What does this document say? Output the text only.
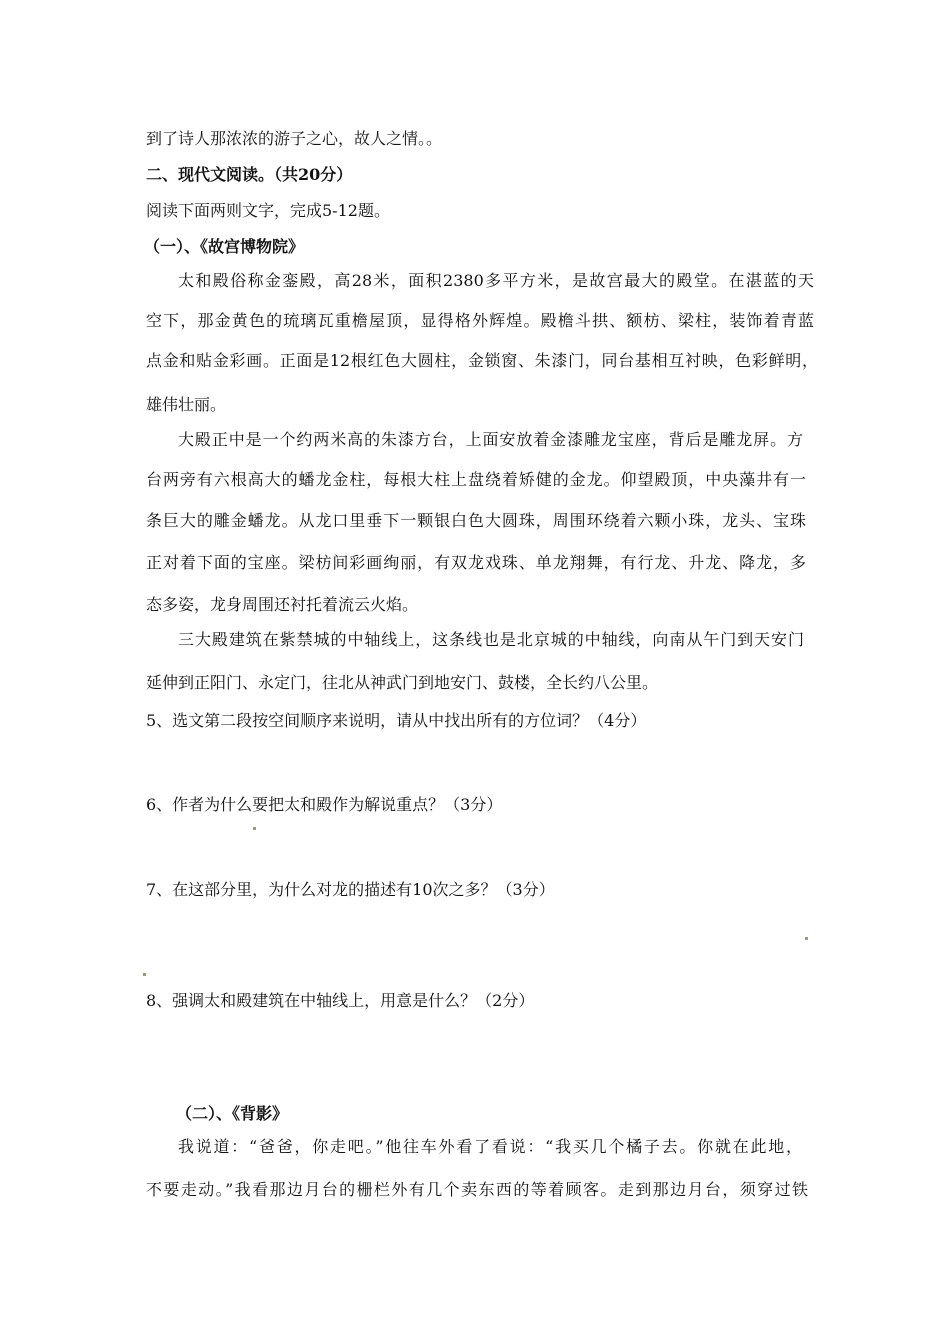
到了诗人那浓浓的游子之心，故人之情。。
二、现代文阅读。（共20分）
阅读下面两则文字，完成5-12题。
（一）、《故宫博物院》
太和殿俗称金銮殿，高28米，面积2380多平方米，是故宫最大的殿堂。在湛蓝的天
空下，那金黄色的琉璃瓦重檐屋顶，显得格外辉煌。殿檐斗拱、额枋、梁柱，装饰着青蓝
点金和贴金彩画。正面是12根红色大圆柱，金锁窗、朱漆门，同台基相互衬映，色彩鲜明，
雄伟壮丽。
大殿正中是一个约两米高的朱漆方台，上面安放着金漆雕龙宝座，背后是雕龙屏。方
台两旁有六根高大的蟠龙金柱，每根大柱上盘绕着矫健的金龙。仰望殿顶，中央藻井有一
条巨大的雕金蟠龙。从龙口里垂下一颗银白色大圆珠，周围环绕着六颗小珠，龙头、宝珠
正对着下面的宝座。梁枋间彩画绚丽，有双龙戏珠、单龙翔舞，有行龙、升龙、降龙，多
态多姿，龙身周围还衬托着流云火焰。
三大殿建筑在紫禁城的中轴线上，这条线也是北京城的中轴线，向南从午门到天安门
延伸到正阳门、永定门，往北从神武门到地安门、鼓楼，全长约八公里。
5、选文第二段按空间顺序来说明，请从中找出所有的方位词？（4分）
6、作者为什么要把太和殿作为解说重点？（3分）
7、在这部分里，为什么对龙的描述有10次之多？（3分）
8、强调太和殿建筑在中轴线上，用意是什么？（2分）
（二）、《背影》
我说道：“爸爸，你走吧。”他往车外看了看说：“我买几个橘子去。你就在此地，
不要走动。”我看那边月台的栅栏外有几个卖东西的等着顾客。走到那边月台，须穿过铁
